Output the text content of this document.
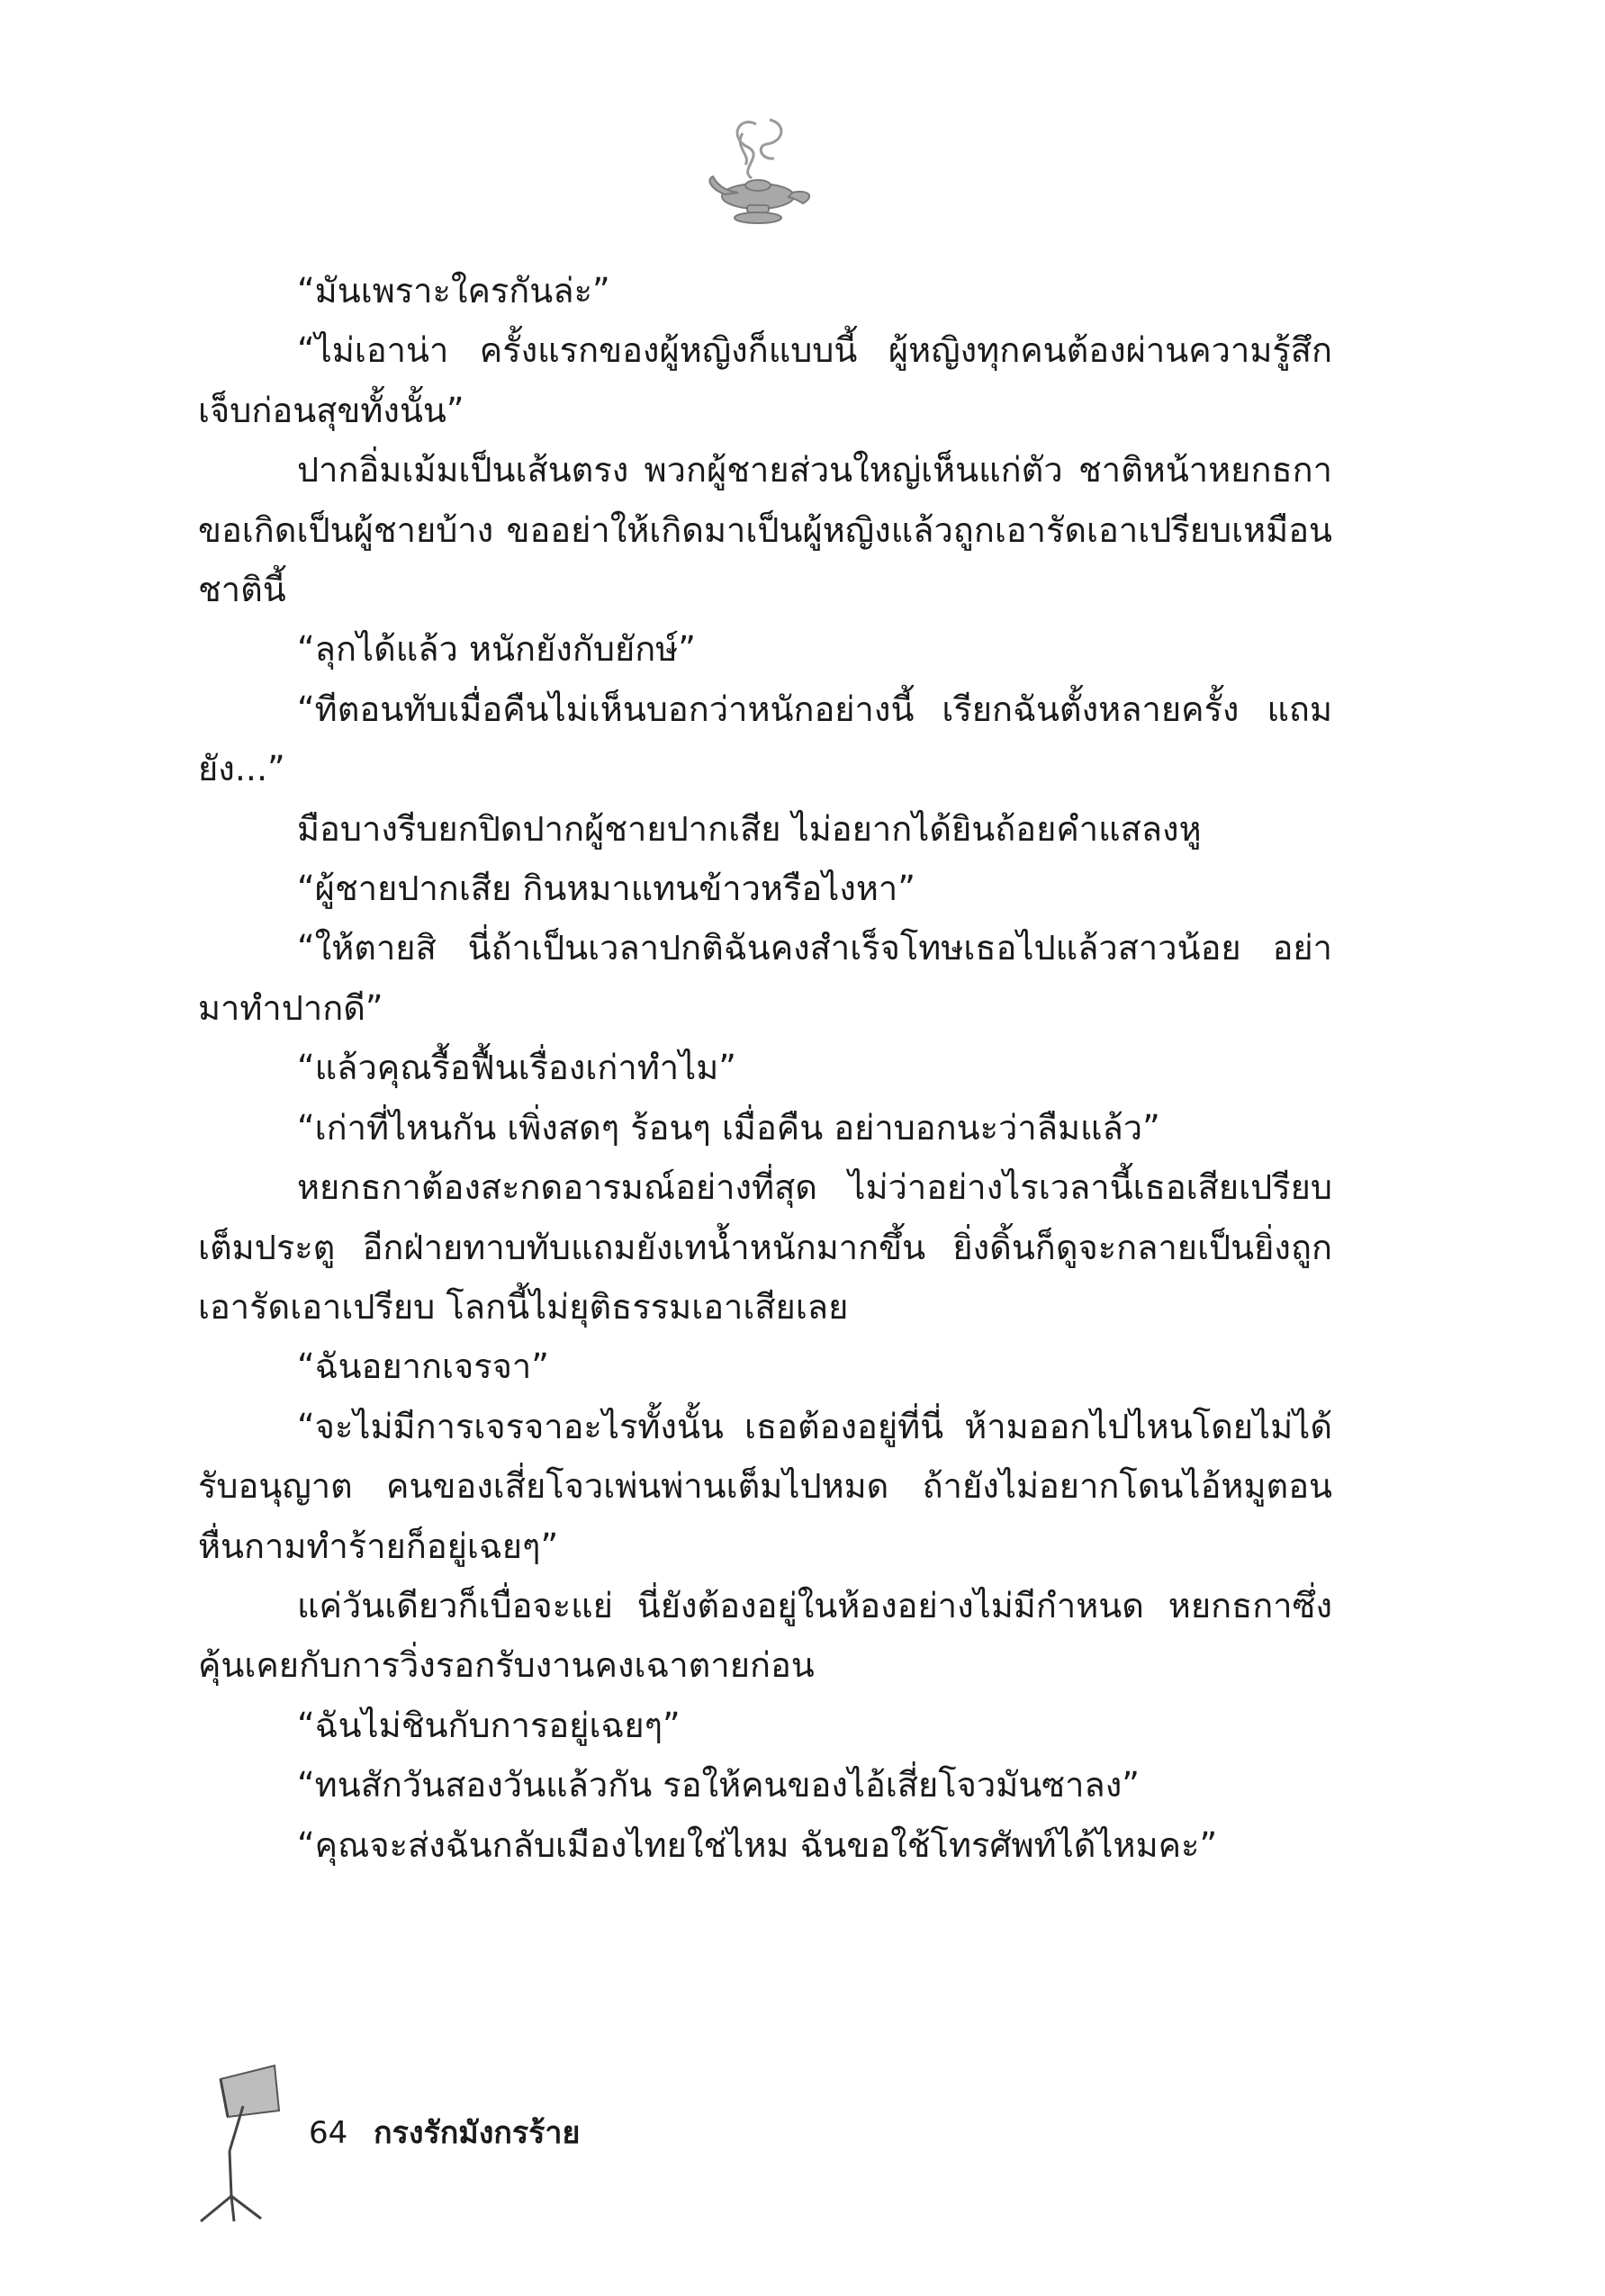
“มันเพราะใครกันล่ะ”

“ไม่เอาน่า ครั้งแรกของผู้หญิงก็แบบนี้ ผู้หญิงทุกคนต้องผ่านความรู้สึกเจ็บก่อนสุขทั้งนั้น”

ปากอิ่มเม้มเป็นเส้นตรง พวกผู้ชายส่วนใหญ่เห็นแก่ตัว ชาติหน้าหยกธกาขอเกิดเป็นผู้ชายบ้าง ขออย่าให้เกิดมาเป็นผู้หญิงแล้วถูกเอารัดเอาเปรียบเหมือนชาตินี้

“ลุกได้แล้ว หนักยังกับยักษ์”

“ทีตอนทับเมื่อคืนไม่เห็นบอกว่าหนักอย่างนี้ เรียกฉันตั้งหลายครั้ง แถมยัง...”

มือบางรีบยกปิดปากผู้ชายปากเสีย ไม่อยากได้ยินถ้อยคำแสลงหู

“ผู้ชายปากเสีย กินหมาแทนข้าวหรือไงหา”

“ให้ตายสิ นี่ถ้าเป็นเวลาปกติฉันคงสำเร็จโทษเธอไปแล้วสาวน้อย อย่ามาทำปากดี”

“แล้วคุณรื้อฟื้นเรื่องเก่าทำไม”

“เก่าที่ไหนกัน เพิ่งสดๆ ร้อนๆ เมื่อคืน อย่าบอกนะว่าลืมแล้ว”

หยกธกาต้องสะกดอารมณ์อย่างที่สุด ไม่ว่าอย่างไรเวลานี้เธอเสียเปรียบเต็มประตู อีกฝ่ายทาบทับแถมยังเทน้ำหนักมากขึ้น ยิ่งดิ้นก็ดูจะกลายเป็นยิ่งถูกเอารัดเอาเปรียบ โลกนี้ไม่ยุติธรรมเอาเสียเลย

“ฉันอยากเจรจา”

“จะไม่มีการเจรจาอะไรทั้งนั้น เธอต้องอยู่ที่นี่ ห้ามออกไปไหนโดยไม่ได้รับอนุญาต คนของเสี่ยโจวเพ่นพ่านเต็มไปหมด ถ้ายังไม่อยากโดนไอ้หมูตอนหื่นกามทำร้ายก็อยู่เฉยๆ”

แค่วันเดียวก็เบื่อจะแย่ นี่ยังต้องอยู่ในห้องอย่างไม่มีกำหนด หยกธกาซึ่งคุ้นเคยกับการวิ่งรอกรับงานคงเฉาตายก่อน

“ฉันไม่ชินกับการอยู่เฉยๆ”

“ทนสักวันสองวันแล้วกัน รอให้คนของไอ้เสี่ยโจวมันซาลง”

“คุณจะส่งฉันกลับเมืองไทยใช่ไหม ฉันขอใช้โทรศัพท์ได้ไหมคะ”

64 กรงรักมังกรร้าย
